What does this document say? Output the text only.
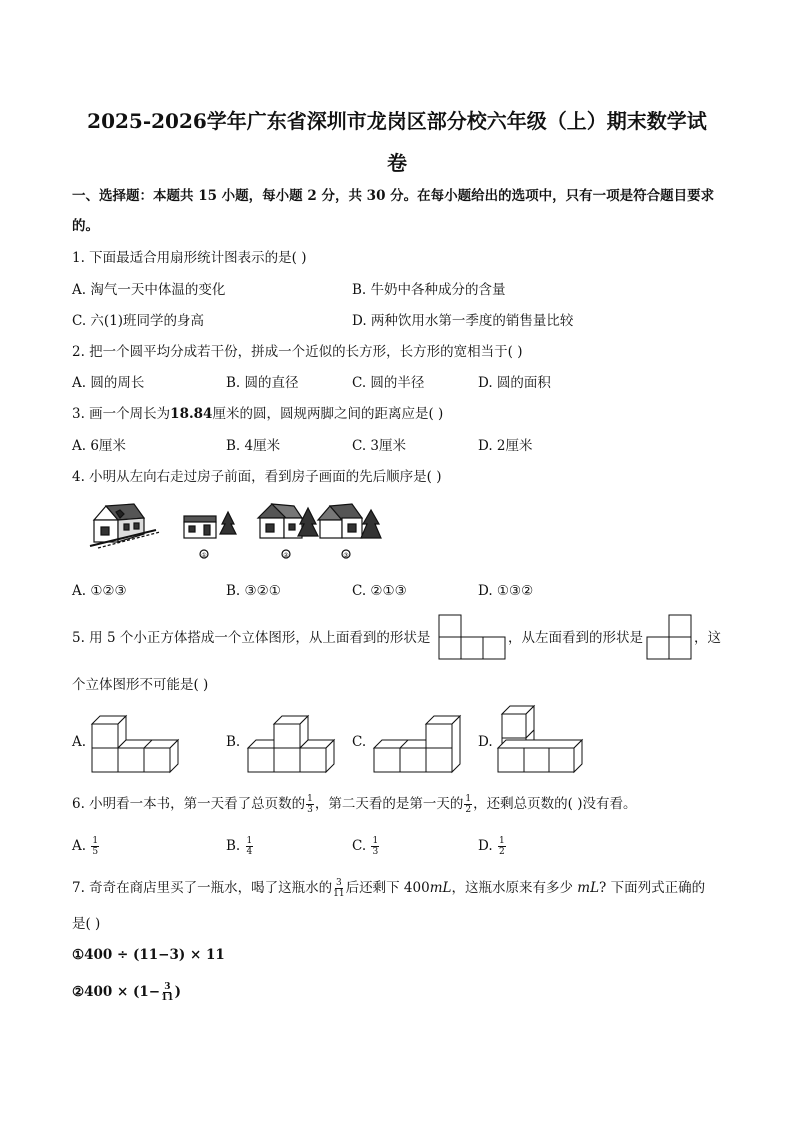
2025-2026学年广东省深圳市龙岗区部分校六年级（上）期末数学试
卷
一、选择题：本题共 15 小题，每小题 2 分，共 30 分。在每小题给出的选项中，只有一项是符合题目要求
的。
1. 下面最适合用扇形统计图表示的是( )
A. 淘气一天中体温的变化	B. 牛奶中各种成分的含量
C. 六(1)班同学的身高	D. 两种饮用水第一季度的销售量比较
2. 把一个圆平均分成若干份，拼成一个近似的长方形，长方形的宽相当于( )
A. 圆的周长	B. 圆的直径	C. 圆的半径	D. 圆的面积
3. 画一个周长为18.84厘米的圆，圆规两脚之间的距离应是( )
A. 6厘米	B. 4厘米	C. 3厘米	D. 2厘米
4. 小明从左向右走过房子前面，看到房子画面的先后顺序是( )
①	②	③
A. ①②③	B. ③②①	C. ②①③	D. ①③②
5. 用 5 个小正方体搭成一个立体图形，从上面看到的形状是	，从左面看到的形状是	，这
个立体图形不可能是( )
A.	B.	C.	D.
6. 小明看一本书，第一天看了总页数的 $\frac{1}{3}$ ，第二天看的是第一天的 $\frac{1}{2}$ ，还剩总页数的( )没有看。
A. $\frac{1}{5}$	B. $\frac{1}{4}$	C. $\frac{1}{3}$	D. $\frac{1}{2}$
7. 奇奇在商店里买了一瓶水，喝了这瓶水的 $\frac{3}{11}$ 后还剩下 400mL，这瓶水原来有多少 mL? 下面列式正确的
是( )
①400 ÷ (11−3) × 11
②400 × ($1- \frac{3}{11}$ )
